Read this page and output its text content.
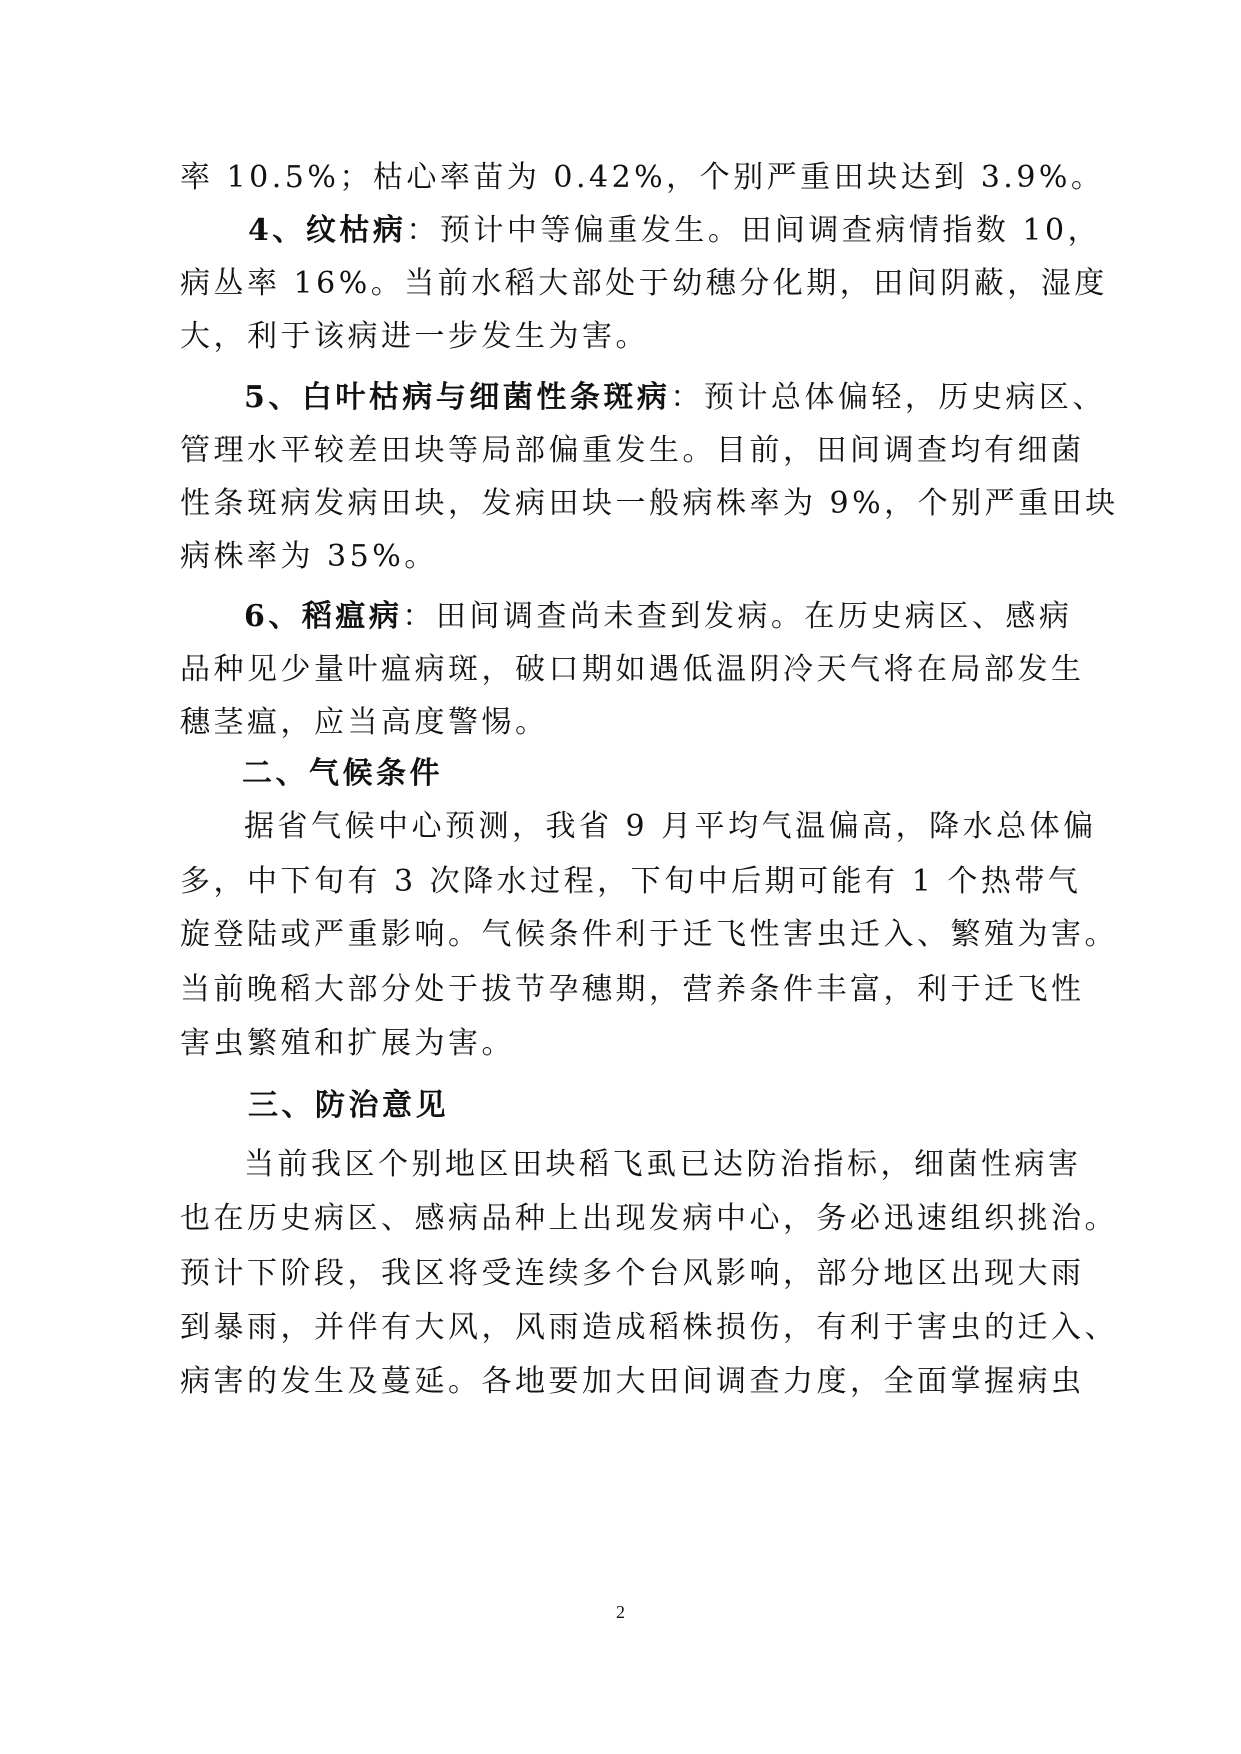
率 10.5%；枯心率苗为 0.42%，个别严重田块达到 3.9%。
4、纹枯病：预计中等偏重发生。田间调查病情指数 10，
病丛率 16%。当前水稻大部处于幼穗分化期，田间阴蔽，湿度
大，利于该病进一步发生为害。
5、白叶枯病与细菌性条斑病：预计总体偏轻，历史病区、
管理水平较差田块等局部偏重发生。目前，田间调查均有细菌
性条斑病发病田块，发病田块一般病株率为 9%，个别严重田块
病株率为 35%。
6、稻瘟病：田间调查尚未查到发病。在历史病区、感病
品种见少量叶瘟病斑，破口期如遇低温阴冷天气将在局部发生
穗茎瘟，应当高度警惕。
二、气候条件
据省气候中心预测，我省 9 月平均气温偏高，降水总体偏
多，中下旬有 3 次降水过程，下旬中后期可能有 1 个热带气
旋登陆或严重影响。气候条件利于迁飞性害虫迁入、繁殖为害。
当前晚稻大部分处于拔节孕穗期，营养条件丰富，利于迁飞性
害虫繁殖和扩展为害。
三、防治意见
当前我区个别地区田块稻飞虱已达防治指标，细菌性病害
也在历史病区、感病品种上出现发病中心，务必迅速组织挑治。
预计下阶段，我区将受连续多个台风影响，部分地区出现大雨
到暴雨，并伴有大风，风雨造成稻株损伤，有利于害虫的迁入、
病害的发生及蔓延。各地要加大田间调查力度，全面掌握病虫
2
